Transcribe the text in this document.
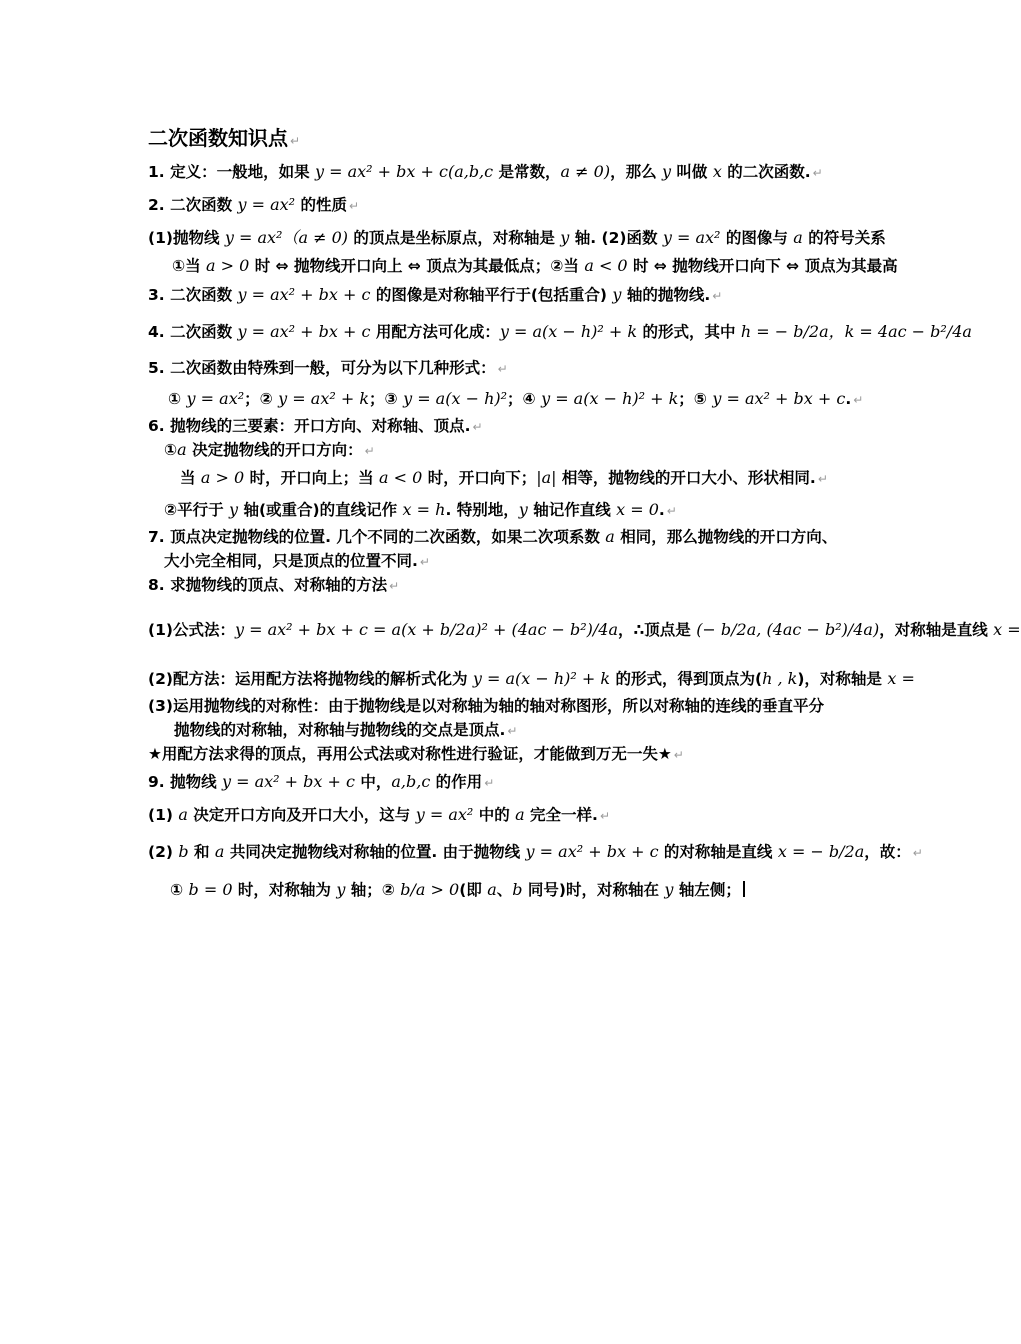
二次函数知识点 ↵
1. 定义：一般地，如果 y = ax² + bx + c(a,b,c 是常数，a ≠ 0)，那么 y 叫做 x 的二次函数. ↵
2. 二次函数 y = ax² 的性质 ↵
(1)抛物线 y = ax²（a ≠ 0) 的顶点是坐标原点，对称轴是 y 轴. (2)函数 y = ax² 的图像与 a 的符号关系
①当 a > 0 时 ⇔ 抛物线开口向上 ⇔ 顶点为其最低点；②当 a < 0 时 ⇔ 抛物线开口向下 ⇔ 顶点为其最高
3. 二次函数 y = ax² + bx + c 的图像是对称轴平行于(包括重合) y 轴的抛物线. ↵
4. 二次函数 y = ax² + bx + c 用配方法可化成：y = a(x − h)² + k 的形式，其中 h = − b/2a，k = 4ac − b²/4a
5. 二次函数由特殊到一般，可分为以下几种形式： ↵
① y = ax²；② y = ax² + k；③ y = a(x − h)²；④ y = a(x − h)² + k；⑤ y = ax² + bx + c. ↵
6. 抛物线的三要素：开口方向、对称轴、顶点. ↵
①a 决定抛物线的开口方向： ↵
当 a > 0 时，开口向上；当 a < 0 时，开口向下；|a| 相等，抛物线的开口大小、形状相同. ↵
②平行于 y 轴(或重合)的直线记作 x = h. 特别地，y 轴记作直线 x = 0. ↵
7. 顶点决定抛物线的位置. 几个不同的二次函数，如果二次项系数 a 相同，那么抛物线的开口方向、
大小完全相同，只是顶点的位置不同. ↵
8. 求抛物线的顶点、对称轴的方法 ↵
(1)公式法：y = ax² + bx + c = a(x + b/2a)² + (4ac − b²)/4a，∴顶点是 (− b/2a, (4ac − b²)/4a)，对称轴是直线 x =
(2)配方法：运用配方法将抛物线的解析式化为 y = a(x − h)² + k 的形式，得到顶点为(h , k)，对称轴是 x =
(3)运用抛物线的对称性：由于抛物线是以对称轴为轴的轴对称图形，所以对称轴的连线的垂直平分
抛物线的对称轴，对称轴与抛物线的交点是顶点. ↵
★用配方法求得的顶点，再用公式法或对称性进行验证，才能做到万无一失★ ↵
9. 抛物线 y = ax² + bx + c 中，a,b,c 的作用 ↵
(1) a 决定开口方向及开口大小，这与 y = ax² 中的 a 完全一样. ↵
(2) b 和 a 共同决定抛物线对称轴的位置. 由于抛物线 y = ax² + bx + c 的对称轴是直线 x = − b/2a，故： ↵
① b = 0 时，对称轴为 y 轴；② b/a > 0(即 a、b 同号)时，对称轴在 y 轴左侧；
